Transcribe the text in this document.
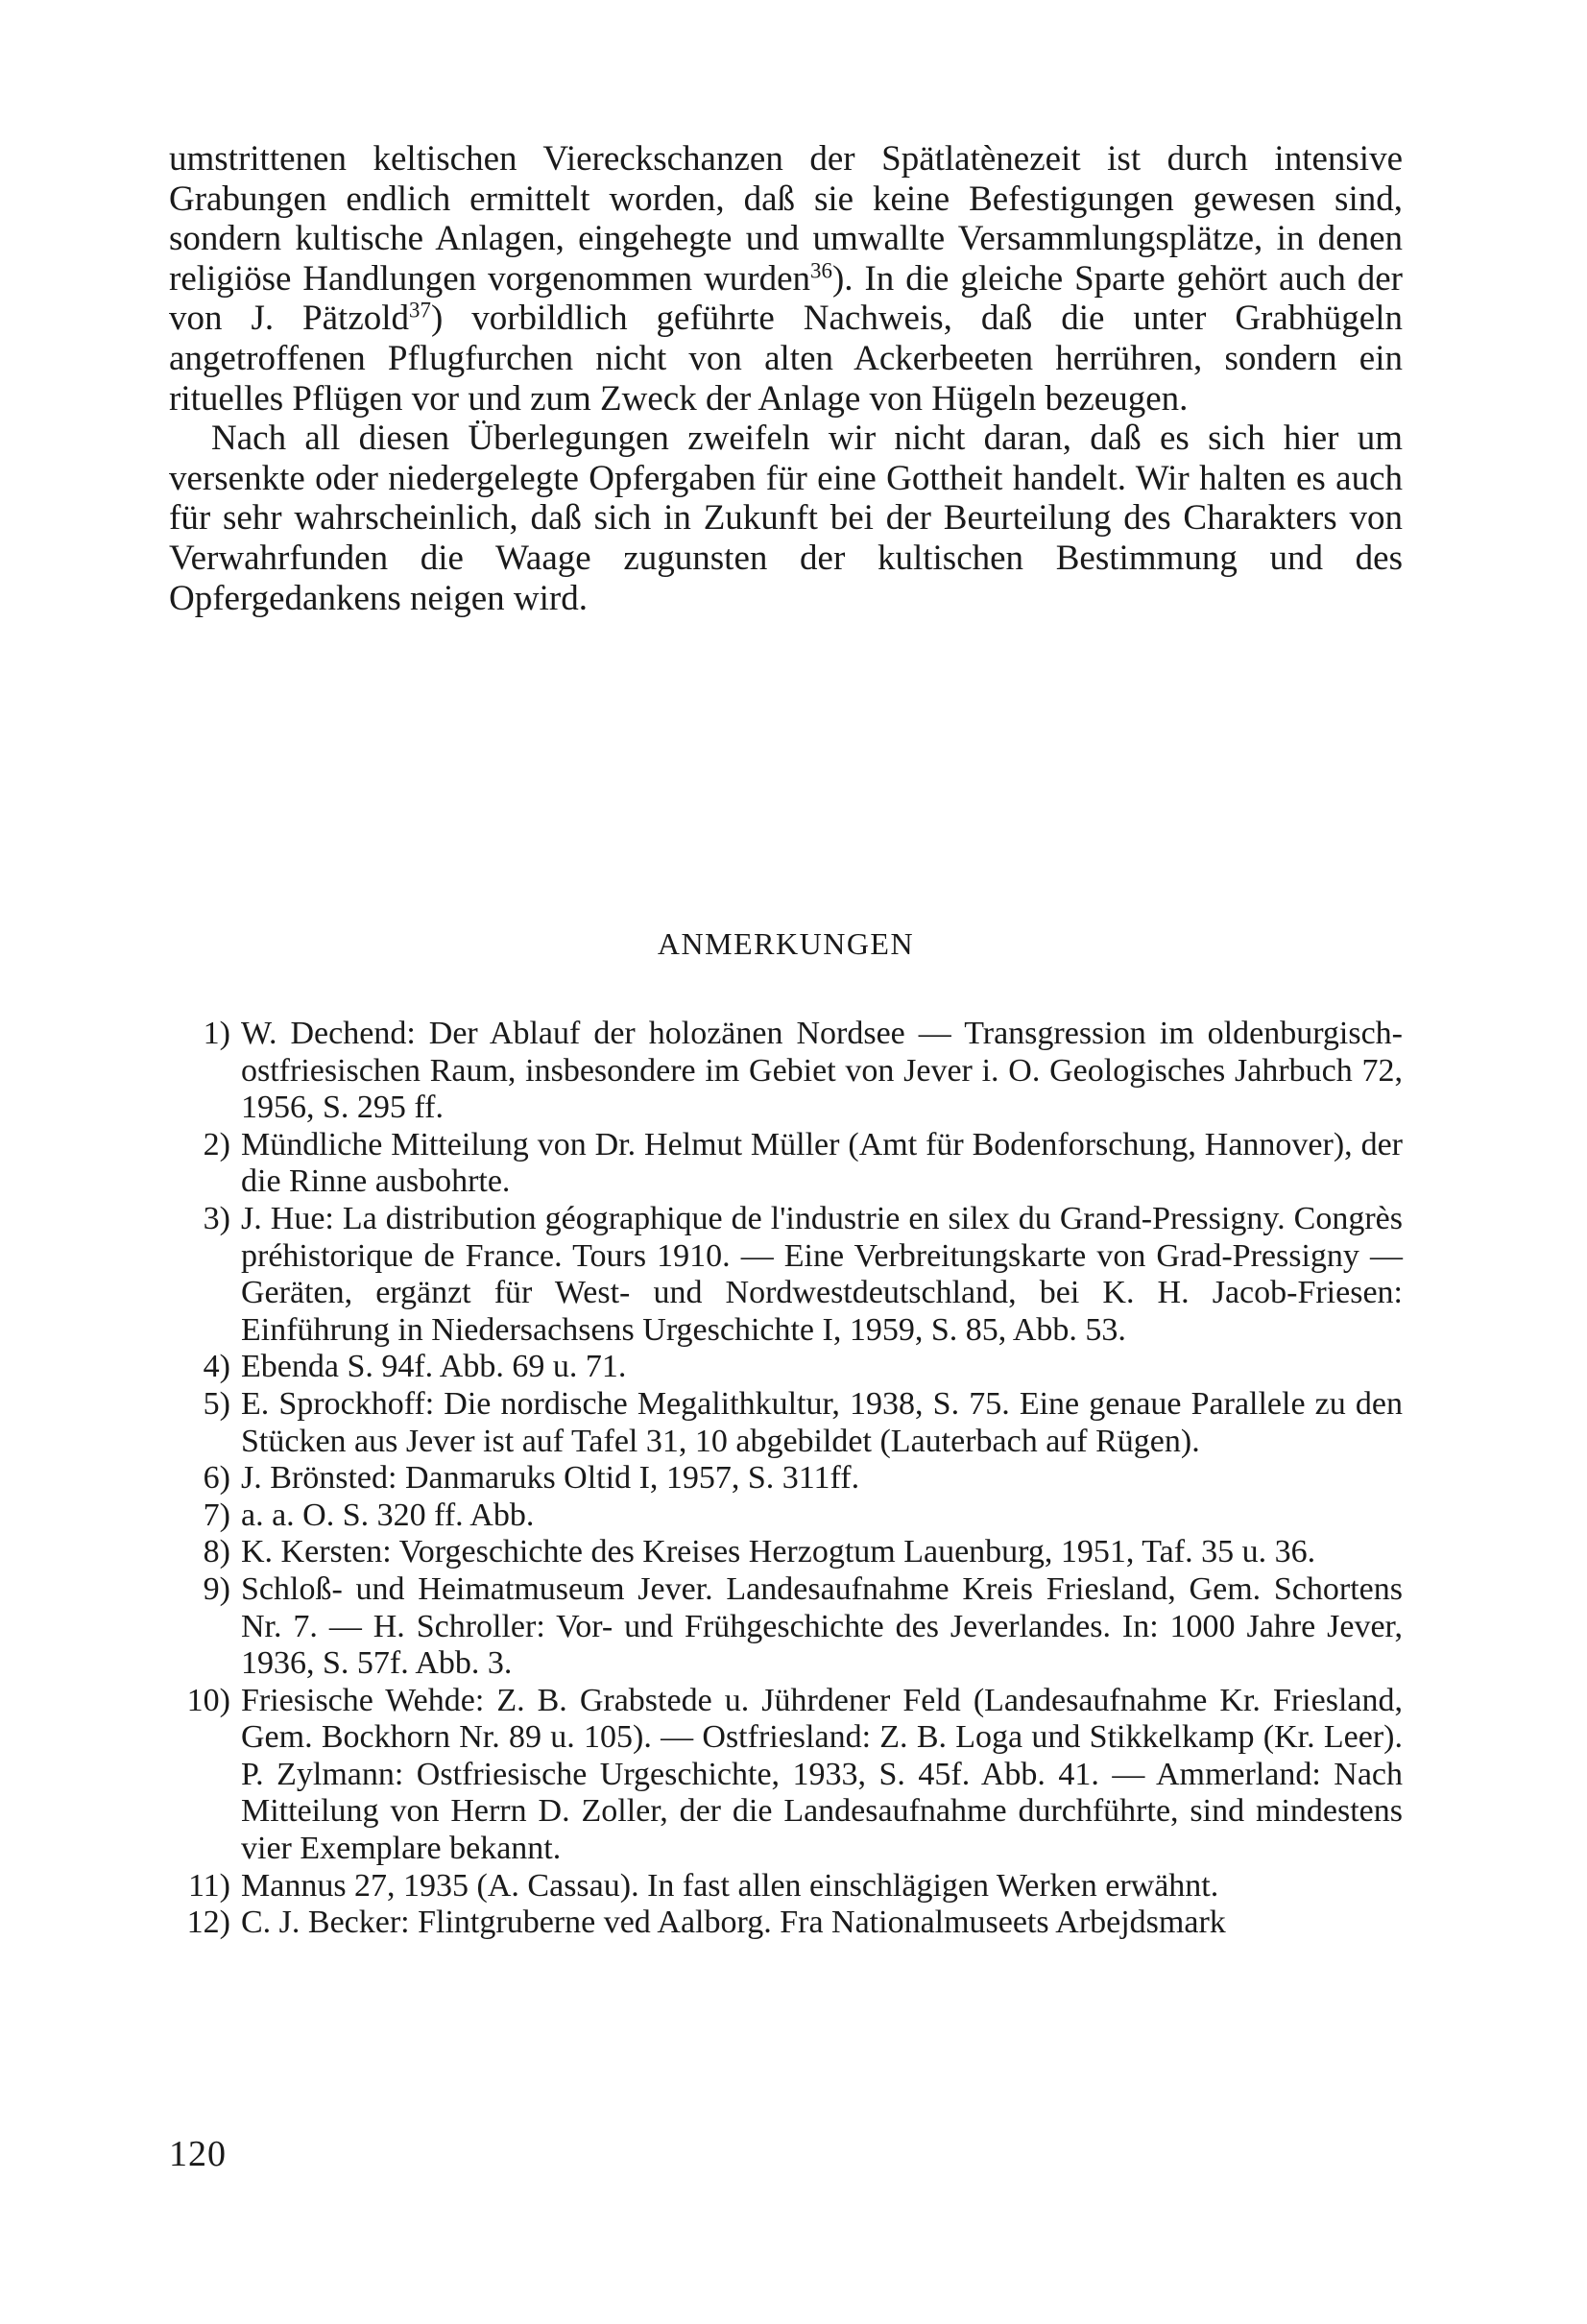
umstrittenen keltischen Viereckschanzen der Spätlatènezeit ist durch intensive Grabungen endlich ermittelt worden, daß sie keine Befestigungen gewesen sind, sondern kultische Anlagen, eingehegte und umwallte Versammlungsplätze, in denen religiöse Handlungen vorgenommen wurden$^{36}$). In die gleiche Sparte gehört auch der von J. Pätzold$^{37}$) vorbildlich geführte Nachweis, daß die unter Grabhügeln angetroffenen Pflugfurchen nicht von alten Ackerbeeten herrühren, sondern ein rituelles Pflügen vor und zum Zweck der Anlage von Hügeln bezeugen.

Nach all diesen Überlegungen zweifeln wir nicht daran, daß es sich hier um versenkte oder niedergelegte Opfergaben für eine Gottheit handelt. Wir halten es auch für sehr wahrscheinlich, daß sich in Zukunft bei der Beurteilung des Charakters von Verwahrfunden die Waage zugunsten der kultischen Bestimmung und des Opfergedankens neigen wird.

ANMERKUNGEN
1) W. Dechend: Der Ablauf der holozänen Nordsee — Transgression im oldenburgisch-ostfriesischen Raum, insbesondere im Gebiet von Jever i. O. Geologisches Jahrbuch 72, 1956, S. 295 ff.
2) Mündliche Mitteilung von Dr. Helmut Müller (Amt für Bodenforschung, Hannover), der die Rinne ausbohrte.
3) J. Hue: La distribution géographique de l'industrie en silex du Grand-Pressigny. Congrès préhistorique de France. Tours 1910. — Eine Verbreitungskarte von Grad-Pressigny — Geräten, ergänzt für West- und Nordwestdeutschland, bei K. H. Jacob-Friesen: Einführung in Niedersachsens Urgeschichte I, 1959, S. 85, Abb. 53.
4) Ebenda S. 94f. Abb. 69 u. 71.
5) E. Sprockhoff: Die nordische Megalithkultur, 1938, S. 75. Eine genaue Parallele zu den Stücken aus Jever ist auf Tafel 31, 10 abgebildet (Lauterbach auf Rügen).
6) J. Brönsted: Danmaruks Oltid I, 1957, S. 311ff.
7) a. a. O. S. 320 ff. Abb.
8) K. Kersten: Vorgeschichte des Kreises Herzogtum Lauenburg, 1951, Taf. 35 u. 36.
9) Schloß- und Heimatmuseum Jever. Landesaufnahme Kreis Friesland, Gem. Schortens Nr. 7. — H. Schroller: Vor- und Frühgeschichte des Jeverlandes. In: 1000 Jahre Jever, 1936, S. 57f. Abb. 3.
10) Friesische Wehde: Z. B. Grabstede u. Jührdener Feld (Landesaufnahme Kr. Friesland, Gem. Bockhorn Nr. 89 u. 105). — Ostfriesland: Z. B. Loga und Stikkelkamp (Kr. Leer). P. Zylmann: Ostfriesische Urgeschichte, 1933, S. 45f. Abb. 41. — Ammerland: Nach Mitteilung von Herrn D. Zoller, der die Landesaufnahme durchführte, sind mindestens vier Exemplare bekannt.
11) Mannus 27, 1935 (A. Cassau). In fast allen einschlägigen Werken erwähnt.
12) C. J. Becker: Flintgruberne ved Aalborg. Fra Nationalmuseets Arbejdsmark
120
